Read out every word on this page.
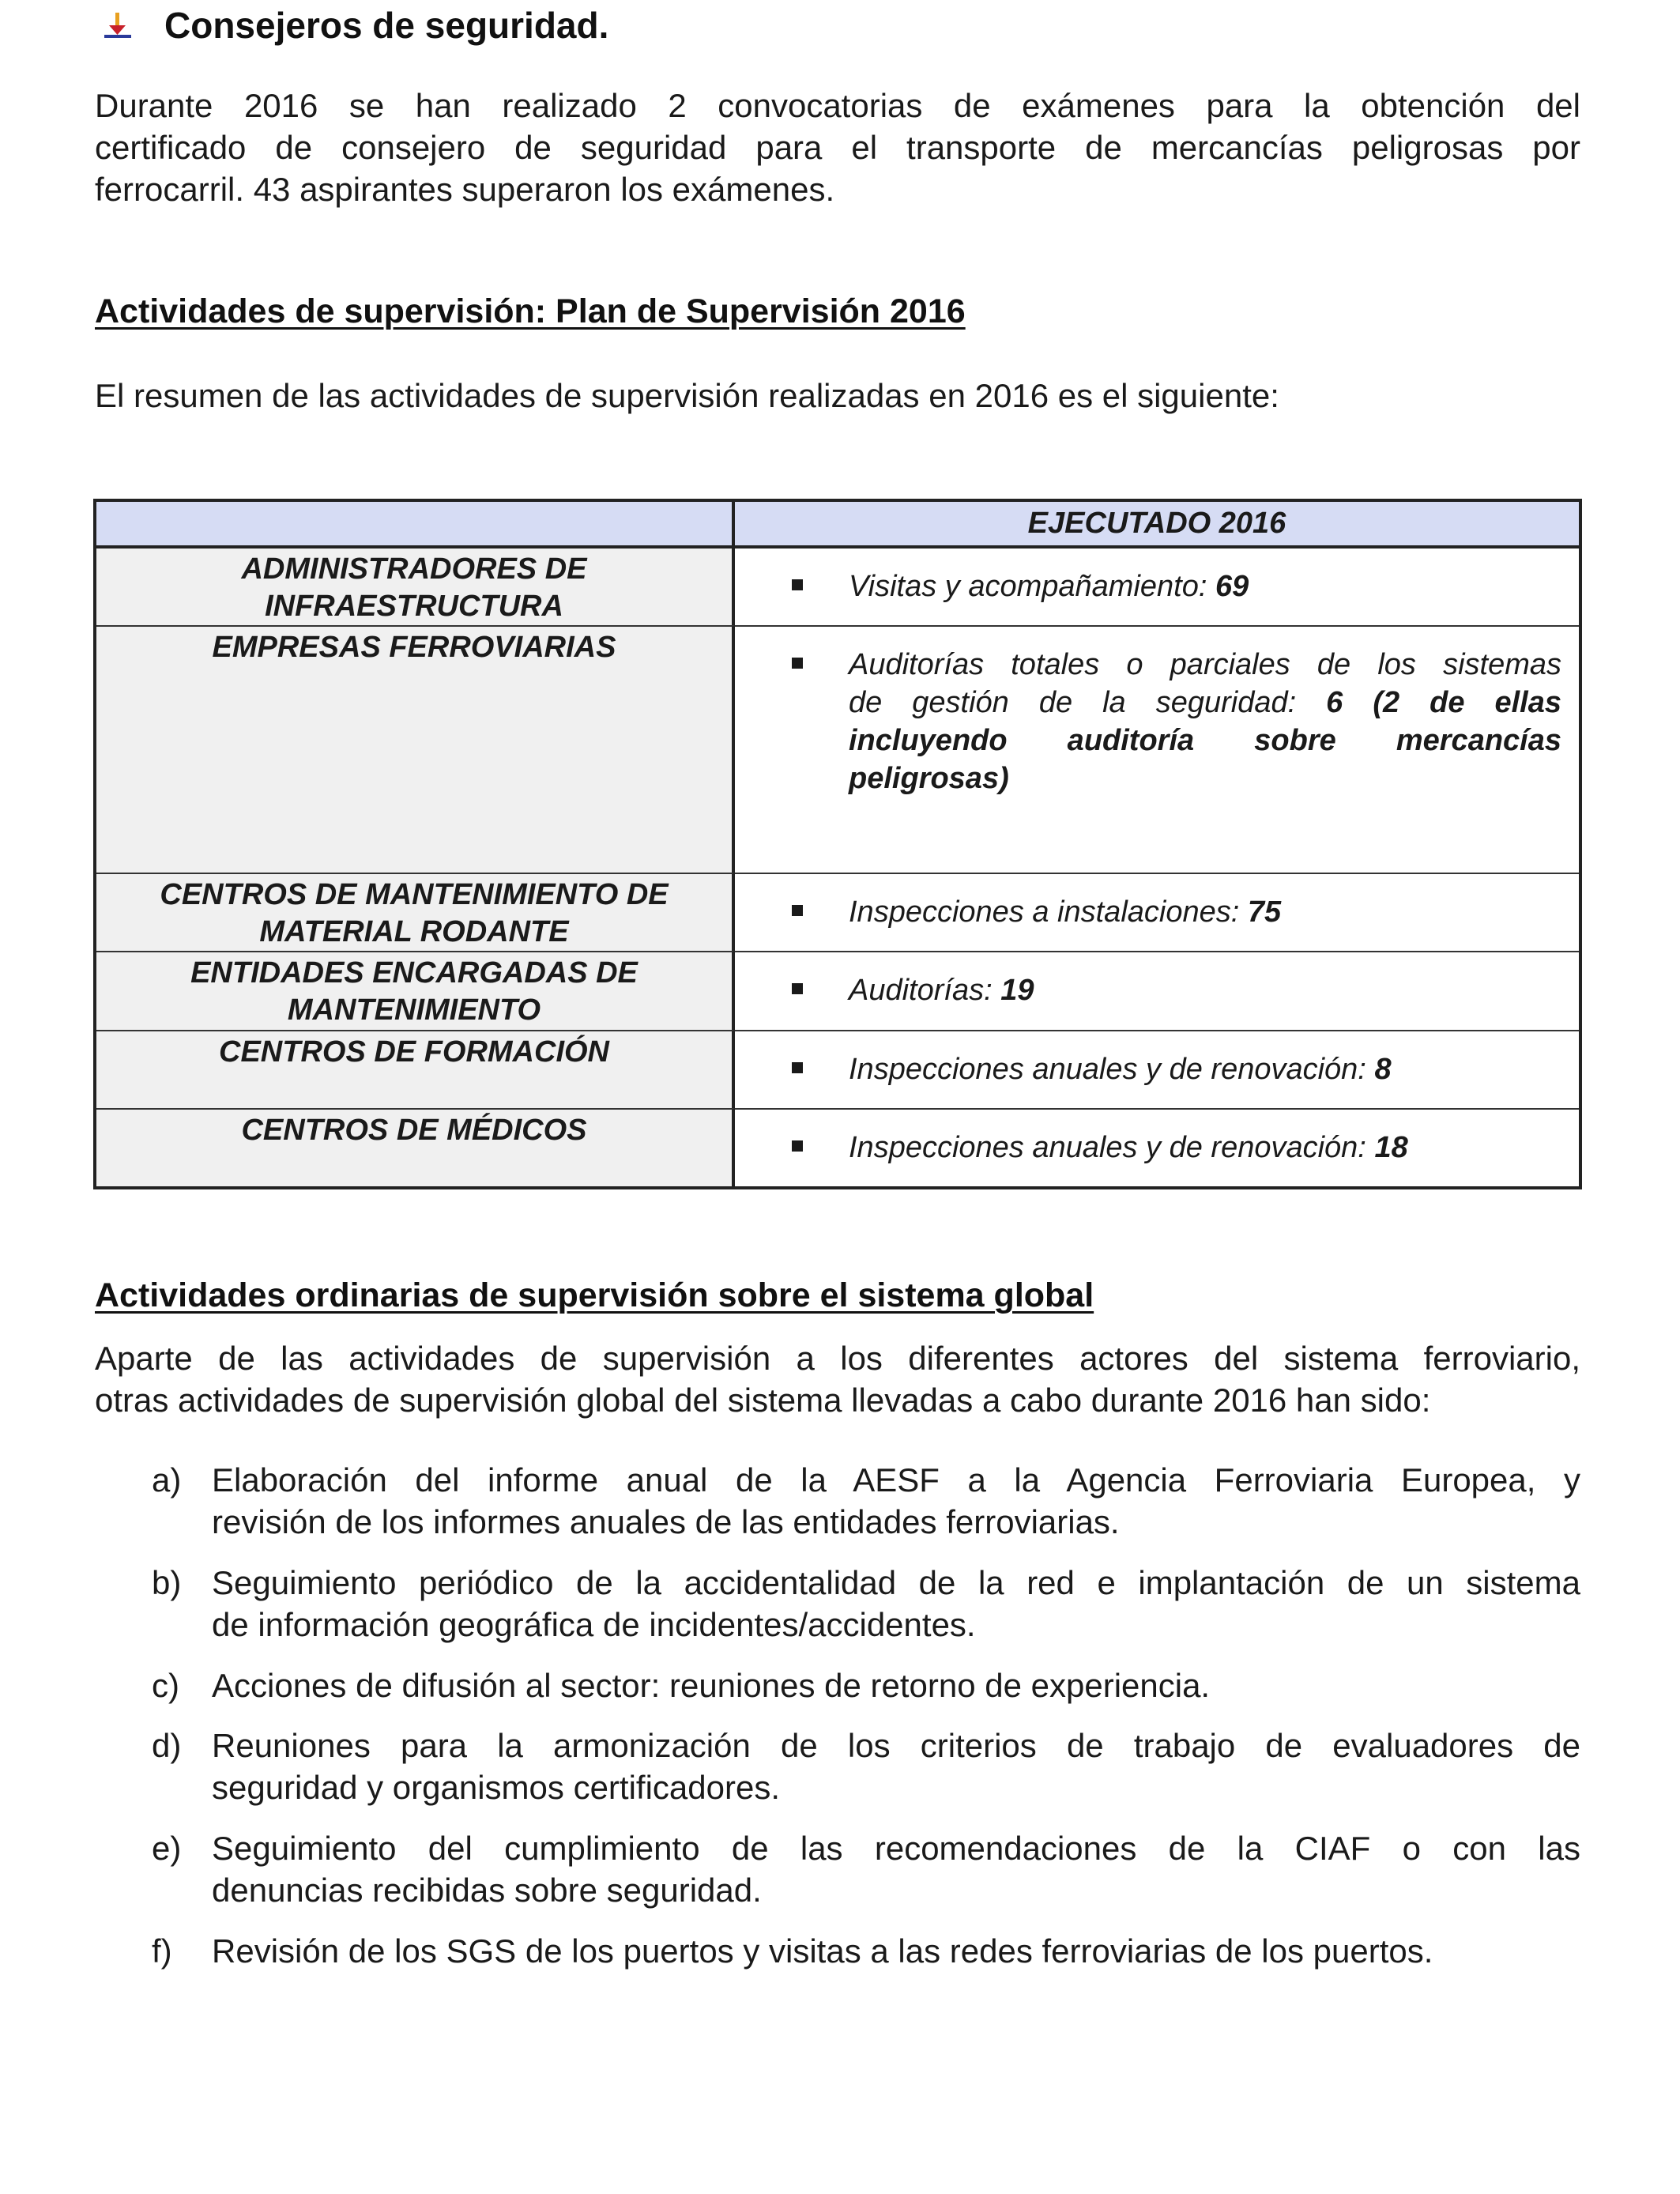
Consejeros de seguridad.
Durante 2016 se han realizado 2 convocatorias de exámenes para la obtención del
certificado de consejero de seguridad para el transporte de mercancías peligrosas por
ferrocarril. 43 aspirantes superaron los exámenes.
Actividades de supervisión: Plan de Supervisión 2016
El resumen de las actividades de supervisión realizadas en 2016 es el siguiente:
EJECUTADO 2016
ADMINISTRADORES DE
INFRAESTRUCTURA
Visitas y acompañamiento: 69
EMPRESAS FERROVIARIAS
Auditorías totales o parciales de los sistemas
de gestión de la seguridad: 6 (2 de ellas
incluyendo auditoría sobre mercancías
peligrosas)
CENTROS DE MANTENIMIENTO DE
MATERIAL RODANTE
Inspecciones a instalaciones: 75
ENTIDADES ENCARGADAS DE
MANTENIMIENTO
Auditorías: 19
CENTROS DE FORMACIÓN
Inspecciones anuales y de renovación: 8
CENTROS DE MÉDICOS
Inspecciones anuales y de renovación: 18
Actividades ordinarias de supervisión sobre el sistema global
Aparte de las actividades de supervisión a los diferentes actores del sistema ferroviario,
otras actividades de supervisión global del sistema llevadas a cabo durante 2016 han sido:
a) Elaboración del informe anual de la AESF a la Agencia Ferroviaria Europea, y
revisión de los informes anuales de las entidades ferroviarias.
b) Seguimiento periódico de la accidentalidad de la red e implantación de un sistema
de información geográfica de incidentes/accidentes.
c) Acciones de difusión al sector: reuniones de retorno de experiencia.
d) Reuniones para la armonización de los criterios de trabajo de evaluadores de
seguridad y organismos certificadores.
e) Seguimiento del cumplimiento de las recomendaciones de la CIAF o con las
denuncias recibidas sobre seguridad.
f) Revisión de los SGS de los puertos y visitas a las redes ferroviarias de los puertos.
